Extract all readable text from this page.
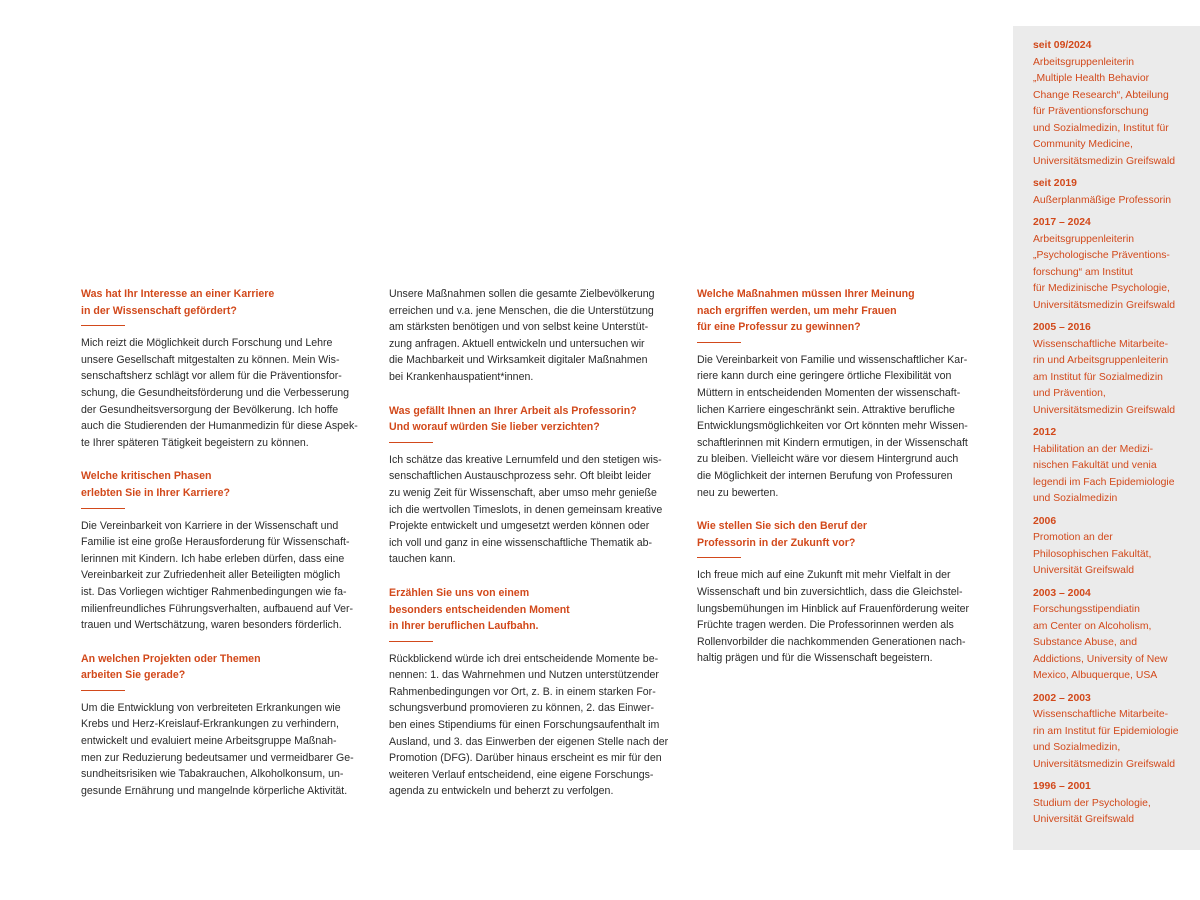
Was hat Ihr Interesse an einer Karriere
in der Wissenschaft gefördert?

Mich reizt die Möglichkeit durch Forschung und Lehre
unsere Gesellschaft mitgestalten zu können. Mein Wis-
senschaftsherz schlägt vor allem für die Präventionsfor-
schung, die Gesundheitsförderung und die Verbesserung
der Gesundheitsversorgung der Bevölkerung. Ich hoffe
auch die Studierenden der Humanmedizin für diese Aspek-
te Ihrer späteren Tätigkeit begeistern zu können.

Welche kritischen Phasen
erlebten Sie in Ihrer Karriere?

Die Vereinbarkeit von Karriere in der Wissenschaft und
Familie ist eine große Herausforderung für Wissenschaft-
lerinnen mit Kindern. Ich habe erleben dürfen, dass eine
Vereinbarkeit zur Zufriedenheit aller Beteiligten möglich
ist. Das Vorliegen wichtiger Rahmenbedingungen wie fa-
milienfreundliches Führungsverhalten, aufbauend auf Ver-
trauen und Wertschätzung, waren besonders förderlich.

An welchen Projekten oder Themen
arbeiten Sie gerade?

Um die Entwicklung von verbreiteten Erkrankungen wie
Krebs und Herz-Kreislauf-Erkrankungen zu verhindern,
entwickelt und evaluiert meine Arbeitsgruppe Maßnah-
men zur Reduzierung bedeutsamer und vermeidbarer Ge-
sundheitsrisiken wie Tabakrauchen, Alkoholkonsum, un-
gesunde Ernährung und mangelnde körperliche Aktivität.

Unsere Maßnahmen sollen die gesamte Zielbevölkerung
erreichen und v.a. jene Menschen, die die Unterstützung
am stärksten benötigen und von selbst keine Unterstüt-
zung anfragen. Aktuell entwickeln und untersuchen wir
die Machbarkeit und Wirksamkeit digitaler Maßnahmen
bei Krankenhauspatient*innen.

Was gefällt Ihnen an Ihrer Arbeit als Professorin?
Und worauf würden Sie lieber verzichten?

Ich schätze das kreative Lernumfeld und den stetigen wis-
senschaftlichen Austauschprozess sehr. Oft bleibt leider
zu wenig Zeit für Wissenschaft, aber umso mehr genieße
ich die wertvollen Timeslots, in denen gemeinsam kreative
Projekte entwickelt und umgesetzt werden können oder
ich voll und ganz in eine wissenschaftliche Thematik ab-
tauchen kann.

Erzählen Sie uns von einem
besonders entscheidenden Moment
in Ihrer beruflichen Laufbahn.

Rückblickend würde ich drei entscheidende Momente be-
nennen: 1. das Wahrnehmen und Nutzen unterstützender
Rahmenbedingungen vor Ort, z. B. in einem starken For-
schungsverbund promovieren zu können, 2. das Einwer-
ben eines Stipendiums für einen Forschungsaufenthalt im
Ausland, und 3. das Einwerben der eigenen Stelle nach der
Promotion (DFG). Darüber hinaus erscheint es mir für den
weiteren Verlauf entscheidend, eine eigene Forschungs-
agenda zu entwickeln und beherzt zu verfolgen.

Welche Maßnahmen müssen Ihrer Meinung
nach ergriffen werden, um mehr Frauen
für eine Professur zu gewinnen?

Die Vereinbarkeit von Familie und wissenschaftlicher Kar-
riere kann durch eine geringere örtliche Flexibilität von
Müttern in entscheidenden Momenten der wissenschaft-
lichen Karriere eingeschränkt sein. Attraktive berufliche
Entwicklungsmöglichkeiten vor Ort könnten mehr Wissen-
schaftlerinnen mit Kindern ermutigen, in der Wissenschaft
zu bleiben. Vielleicht wäre vor diesem Hintergrund auch
die Möglichkeit der internen Berufung von Professuren
neu zu bewerten.

Wie stellen Sie sich den Beruf der
Professorin in der Zukunft vor?

Ich freue mich auf eine Zukunft mit mehr Vielfalt in der
Wissenschaft und bin zuversichtlich, dass die Gleichstel-
lungsbemühungen im Hinblick auf Frauenförderung weiter
Früchte tragen werden. Die Professorinnen werden als
Rollenvorbilder die nachkommenden Generationen nach-
haltig prägen und für die Wissenschaft begeistern.

seit 09/2024
Arbeitsgruppenleiterin
„Multiple Health Behavior
Change Research“, Abteilung
für Präventionsforschung
und Sozialmedizin, Institut für
Community Medicine,
Universitätsmedizin Greifswald
seit 2019
Außerplanmäßige Professorin
2017 – 2024
Arbeitsgruppenleiterin
„Psychologische Präventions-
forschung“ am Institut
für Medizinische Psychologie,
Universitätsmedizin Greifswald
2005 – 2016
Wissenschaftliche Mitarbeite-
rin und Arbeitsgruppenleiterin
am Institut für Sozialmedizin
und Prävention,
Universitätsmedizin Greifswald
2012
Habilitation an der Medizi-
nischen Fakultät und venia
legendi im Fach Epidemiologie
und Sozialmedizin
2006
Promotion an der
Philosophischen Fakultät,
Universität Greifswald
2003 – 2004
Forschungsstipendiatin
am Center on Alcoholism,
Substance Abuse, and
Addictions, University of New
Mexico, Albuquerque, USA
2002 – 2003
Wissenschaftliche Mitarbeite-
rin am Institut für Epidemiologie
und Sozialmedizin,
Universitätsmedizin Greifswald
1996 – 2001
Studium der Psychologie,
Universität Greifswald
